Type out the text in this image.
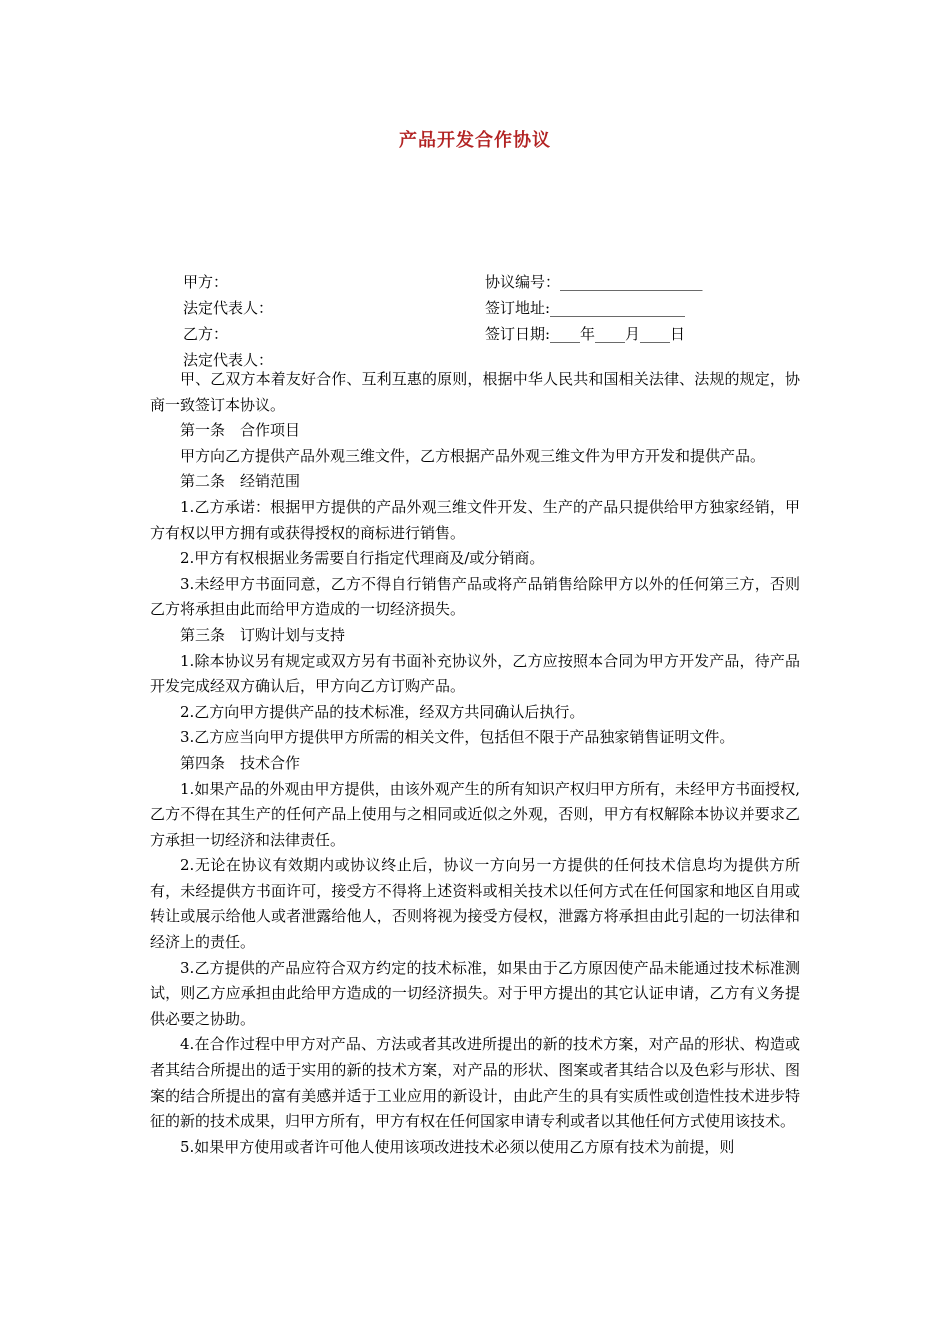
产品开发合作协议
甲方：	协议编号：___________________
法定代表人：	签订地址:__________________
乙方：	签订日期:____年____月____日
法定代表人：

甲、乙双方本着友好合作、互利互惠的原则，根据中华人民共和国相关法律、法规的规定，协商一致签订本协议。

第一条　合作项目

甲方向乙方提供产品外观三维文件，乙方根据产品外观三维文件为甲方开发和提供产品。

第二条　经销范围

1.乙方承诺：根据甲方提供的产品外观三维文件开发、生产的产品只提供给甲方独家经销，甲方有权以甲方拥有或获得授权的商标进行销售。

2.甲方有权根据业务需要自行指定代理商及/或分销商。

3.未经甲方书面同意，乙方不得自行销售产品或将产品销售给除甲方以外的任何第三方，否则乙方将承担由此而给甲方造成的一切经济损失。

第三条　订购计划与支持

1.除本协议另有规定或双方另有书面补充协议外，乙方应按照本合同为甲方开发产品，待产品开发完成经双方确认后，甲方向乙方订购产品。

2.乙方向甲方提供产品的技术标准，经双方共同确认后执行。

3.乙方应当向甲方提供甲方所需的相关文件，包括但不限于产品独家销售证明文件。

第四条　技术合作

1.如果产品的外观由甲方提供，由该外观产生的所有知识产权归甲方所有，未经甲方书面授权,乙方不得在其生产的任何产品上使用与之相同或近似之外观，否则，甲方有权解除本协议并要求乙方承担一切经济和法律责任。

2.无论在协议有效期内或协议终止后，协议一方向另一方提供的任何技术信息均为提供方所有，未经提供方书面许可，接受方不得将上述资料或相关技术以任何方式在任何国家和地区自用或转让或展示给他人或者泄露给他人，否则将视为接受方侵权，泄露方将承担由此引起的一切法律和经济上的责任。

3.乙方提供的产品应符合双方约定的技术标准，如果由于乙方原因使产品未能通过技术标准测试，则乙方应承担由此给甲方造成的一切经济损失。对于甲方提出的其它认证申请，乙方有义务提供必要之协助。

4.在合作过程中甲方对产品、方法或者其改进所提出的新的技术方案，对产品的形状、构造或者其结合所提出的适于实用的新的技术方案，对产品的形状、图案或者其结合以及色彩与形状、图案的结合所提出的富有美感并适于工业应用的新设计，由此产生的具有实质性或创造性技术进步特征的新的技术成果，归甲方所有，甲方有权在任何国家申请专利或者以其他任何方式使用该技术。

5.如果甲方使用或者许可他人使用该项改进技术必须以使用乙方原有技术为前提，则
